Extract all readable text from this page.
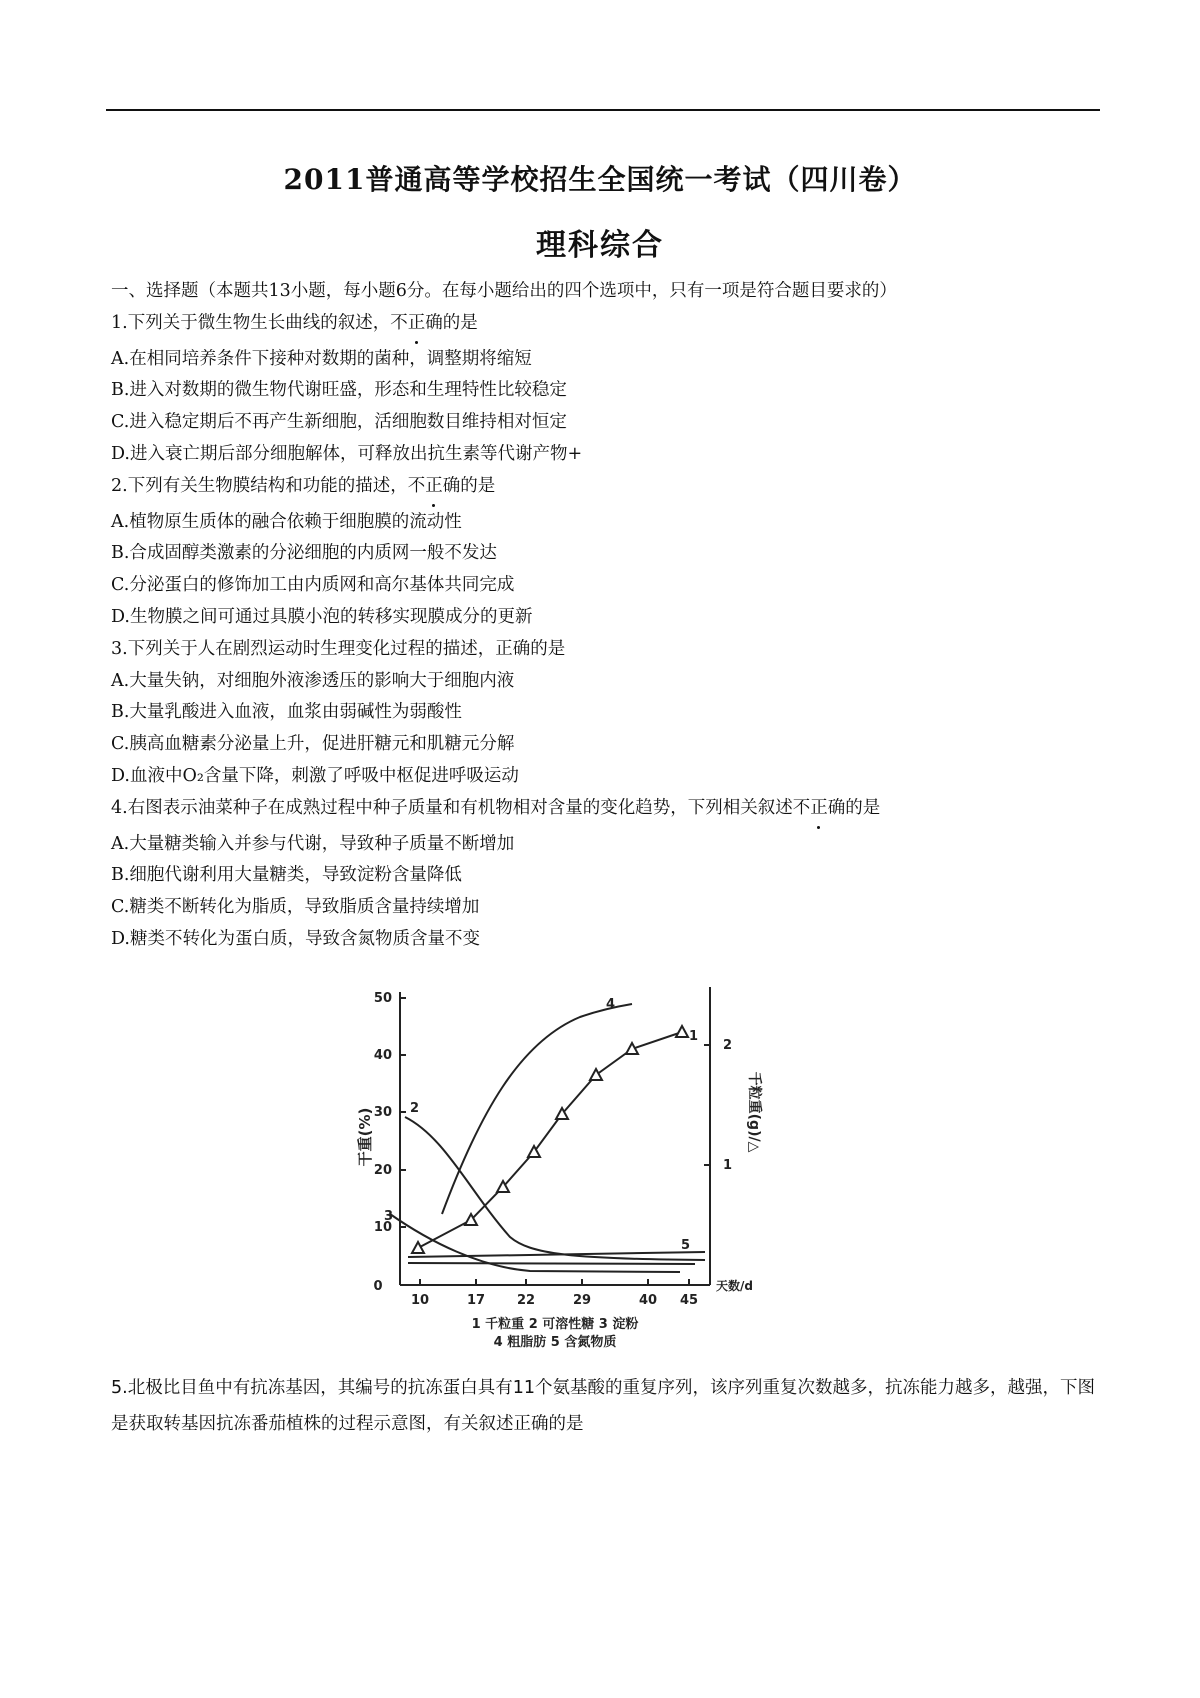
2011普通高等学校招生全国统一考试（四川卷）
理科综合
一、选择题（本题共13小题，每小题6分。在每小题给出的四个选项中，只有一项是符合题目要求的）
1.下列关于微生物生长曲线的叙述，不正确的是
A.在相同培养条件下接种对数期的菌种，调整期将缩短
B.进入对数期的微生物代谢旺盛，形态和生理特性比较稳定
C.进入稳定期后不再产生新细胞，活细胞数目维持相对恒定
D.进入衰亡期后部分细胞解体，可释放出抗生素等代谢产物+
2.下列有关生物膜结构和功能的描述，不正确的是
A.植物原生质体的融合依赖于细胞膜的流动性
B.合成固醇类激素的分泌细胞的内质网一般不发达
C.分泌蛋白的修饰加工由内质网和高尔基体共同完成
D.生物膜之间可通过具膜小泡的转移实现膜成分的更新
3.下列关于人在剧烈运动时生理变化过程的描述，正确的是
A.大量失钠，对细胞外液渗透压的影响大于细胞内液
B.大量乳酸进入血液，血浆由弱碱性为弱酸性
C.胰高血糖素分泌量上升，促进肝糖元和肌糖元分解
D.血液中O₂含量下降，刺激了呼吸中枢促进呼吸运动
4.右图表示油菜种子在成熟过程中种子质量和有机物相对含量的变化趋势，下列相关叙述不正确的是
A.大量糖类输入并参与代谢，导致种子质量不断增加
B.细胞代谢利用大量糖类，导致淀粉含量降低
C.糖类不断转化为脂质，导致脂质含量持续增加
D.糖类不转化为蛋白质，导致含氮物质含量不变
50
40
30
20
10
0
2
1
10	17 22	29	40 45
天数/d
3
2
1
4
5
干重(%)	千粒重(g)/△
1 千粒重 2 可溶性糖 3 淀粉
4 粗脂肪 5 含氮物质
5.北极比目鱼中有抗冻基因，其编号的抗冻蛋白具有11个氨基酸的重复序列，该序列重复次数越多，抗冻能力越多，越强，下图是获取转基因抗冻番茄植株的过程示意图，有关叙述正确的是
